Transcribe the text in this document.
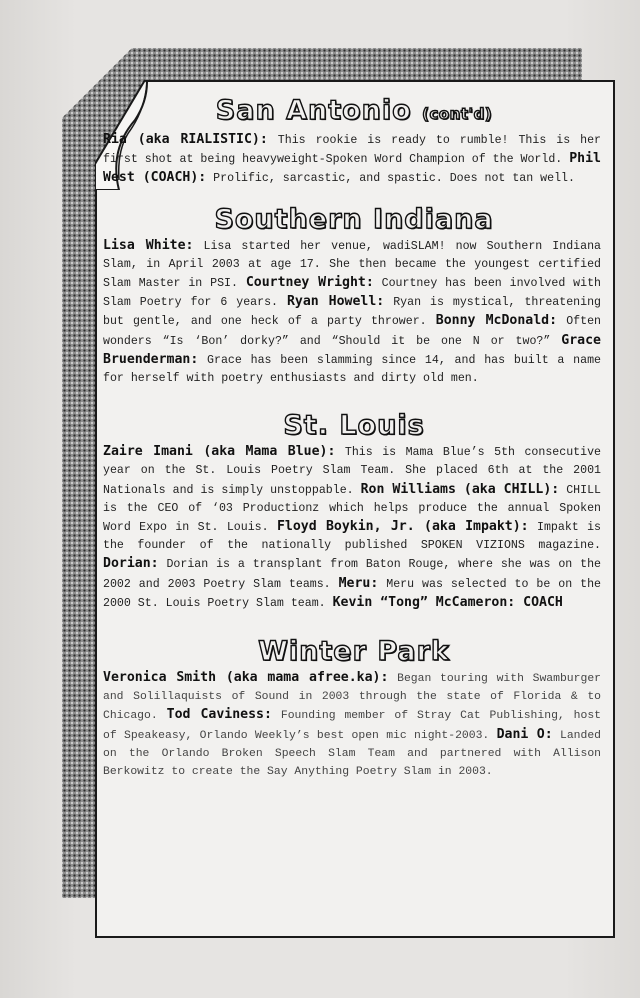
San Antonio (cont'd)

Ria (aka RIALISTIC): This rookie is ready to rumble! This is her first shot at being heavyweight-Spoken Word Champion of the World. Phil West (COACH): Prolific, sarcastic, and spastic. Does not tan well.

Southern Indiana

Lisa White: Lisa started her venue, wadiSLAM! now Southern Indiana Slam, in April 2003 at age 17. She then became the youngest certified Slam Master in PSI. Courtney Wright: Courtney has been involved with Slam Poetry for 6 years. Ryan Howell: Ryan is mystical, threatening but gentle, and one heck of a party thrower. Bonny McDonald: Often wonders “Is ‘Bon’ dorky?” and “Should it be one N or two?” Grace Bruenderman: Grace has been slamming since 14, and has built a name for herself with poetry enthusiasts and dirty old men.

St. Louis

Zaire Imani (aka Mama Blue): This is Mama Blue’s 5th consecutive year on the St. Louis Poetry Slam Team. She placed 6th at the 2001 Nationals and is simply unstoppable. Ron Williams (aka CHILL): CHILL is the CEO of ‘03 Productionz which helps produce the annual Spoken Word Expo in St. Louis. Floyd Boykin, Jr. (aka Impakt): Impakt is the founder of the nationally published SPOKEN VIZIONS magazine. Dorian: Dorian is a transplant from Baton Rouge, where she was on the 2002 and 2003 Poetry Slam teams. Meru: Meru was selected to be on the 2000 St. Louis Poetry Slam team. Kevin “Tong” McCameron: COACH

Winter Park

Veronica Smith (aka mama afree.ka): Began touring with Swamburger and Solillaquists of Sound in 2003 through the state of Florida & to Chicago. Tod Caviness: Founding member of Stray Cat Publishing, host of Speakeasy, Orlando Weekly’s best open mic night-2003. Dani O: Landed on the Orlando Broken Speech Slam Team and partnered with Allison Berkowitz to create the Say Anything Poetry Slam in 2003.
